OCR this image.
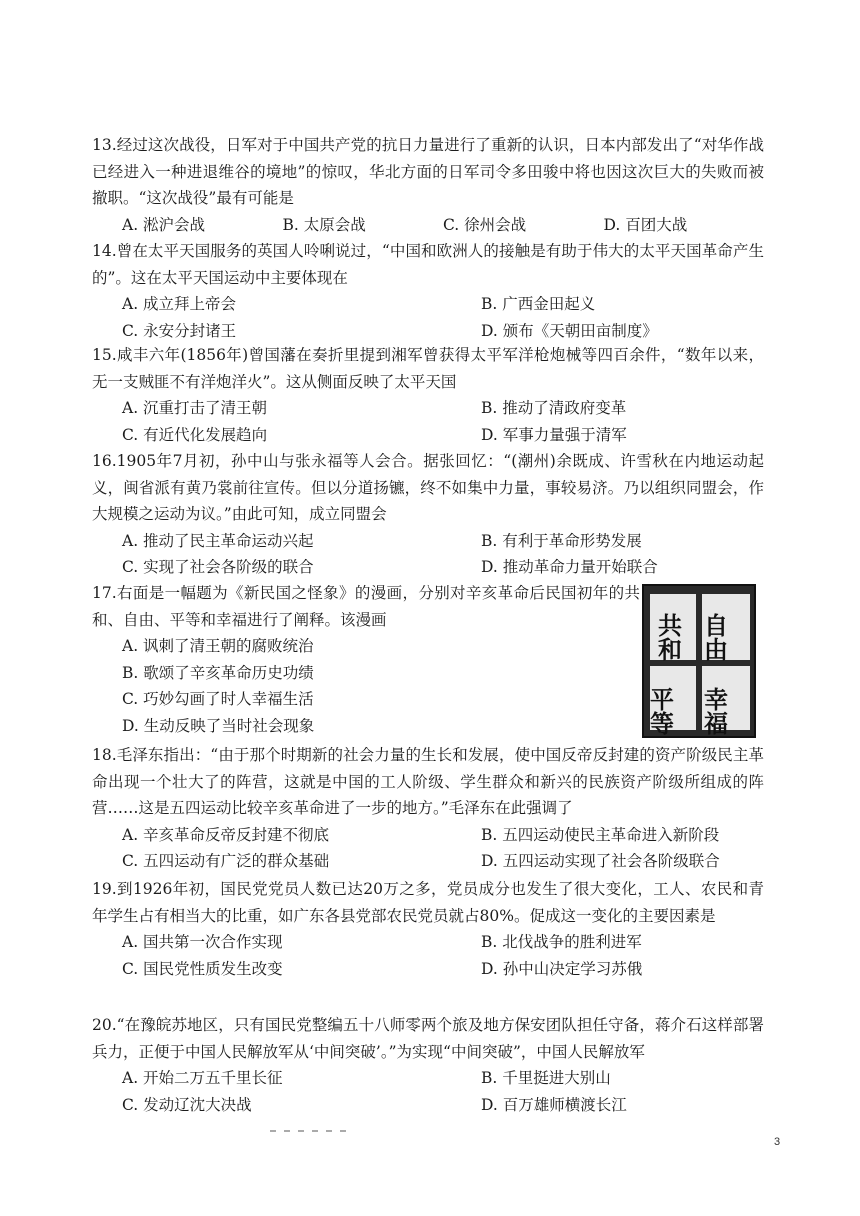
13.经过这次战役，日军对于中国共产党的抗日力量进行了重新的认识，日本内部发出了“对华作战已经进入一种进退维谷的境地”的惊叹，华北方面的日军司令多田骏中将也因这次巨大的失败而被撤职。“这次战役”最有可能是

A. 淞沪会战	B. 太原会战	C. 徐州会战	D. 百团大战

14.曾在太平天国服务的英国人呤唎说过，“中国和欧洲人的接触是有助于伟大的太平天国革命产生的”。这在太平天国运动中主要体现在

A. 成立拜上帝会	B. 广西金田起义
C. 永安分封诸王	D. 颁布《天朝田亩制度》

15.咸丰六年(1856年)曾国藩在奏折里提到湘军曾获得太平军洋枪炮械等四百余件，“数年以来，无一支贼匪不有洋炮洋火”。这从侧面反映了太平天国

A. 沉重打击了清王朝	B. 推动了清政府变革
C. 有近代化发展趋向	D. 军事力量强于清军

16.1905年7月初，孙中山与张永福等人会合。据张回忆：“(潮州)余既成、许雪秋在内地运动起义，闽省派有黄乃裳前往宣传。但以分道扬镳，终不如集中力量，事较易济。乃以组织同盟会，作大规模之运动为议。”由此可知，成立同盟会

A. 推动了民主革命运动兴起	B. 有利于革命形势发展
C. 实现了社会各阶级的联合	D. 推动革命力量开始联合

17.右面是一幅题为《新民国之怪象》的漫画，分别对辛亥革命后民国初年的共和、自由、平等和幸福进行了阐释。该漫画

A. 讽刺了清王朝的腐败统治
B. 歌颂了辛亥革命历史功绩
C. 巧妙勾画了时人幸福生活
D. 生动反映了当时社会现象
共和
自由
平等
幸福

18.毛泽东指出：“由于那个时期新的社会力量的生长和发展，使中国反帝反封建的资产阶级民主革命出现一个壮大了的阵营，这就是中国的工人阶级、学生群众和新兴的民族资产阶级所组成的阵营……这是五四运动比较辛亥革命进了一步的地方。”毛泽东在此强调了

A. 辛亥革命反帝反封建不彻底	B. 五四运动使民主革命进入新阶段
C. 五四运动有广泛的群众基础	D. 五四运动实现了社会各阶级联合

19.到1926年初，国民党党员人数已达20万之多，党员成分也发生了很大变化，工人、农民和青年学生占有相当大的比重，如广东各县党部农民党员就占80%。促成这一变化的主要因素是

A. 国共第一次合作实现	B. 北伐战争的胜利进军
C. 国民党性质发生改变	D. 孙中山决定学习苏俄

20.“在豫皖苏地区，只有国民党整编五十八师零两个旅及地方保安团队担任守备，蒋介石这样部署兵力，正便于中国人民解放军从‘中间突破’。”为实现“中间突破”，中国人民解放军

A. 开始二万五千里长征	B. 千里挺进大别山
C. 发动辽沈大决战	D. 百万雄师横渡长江
3
